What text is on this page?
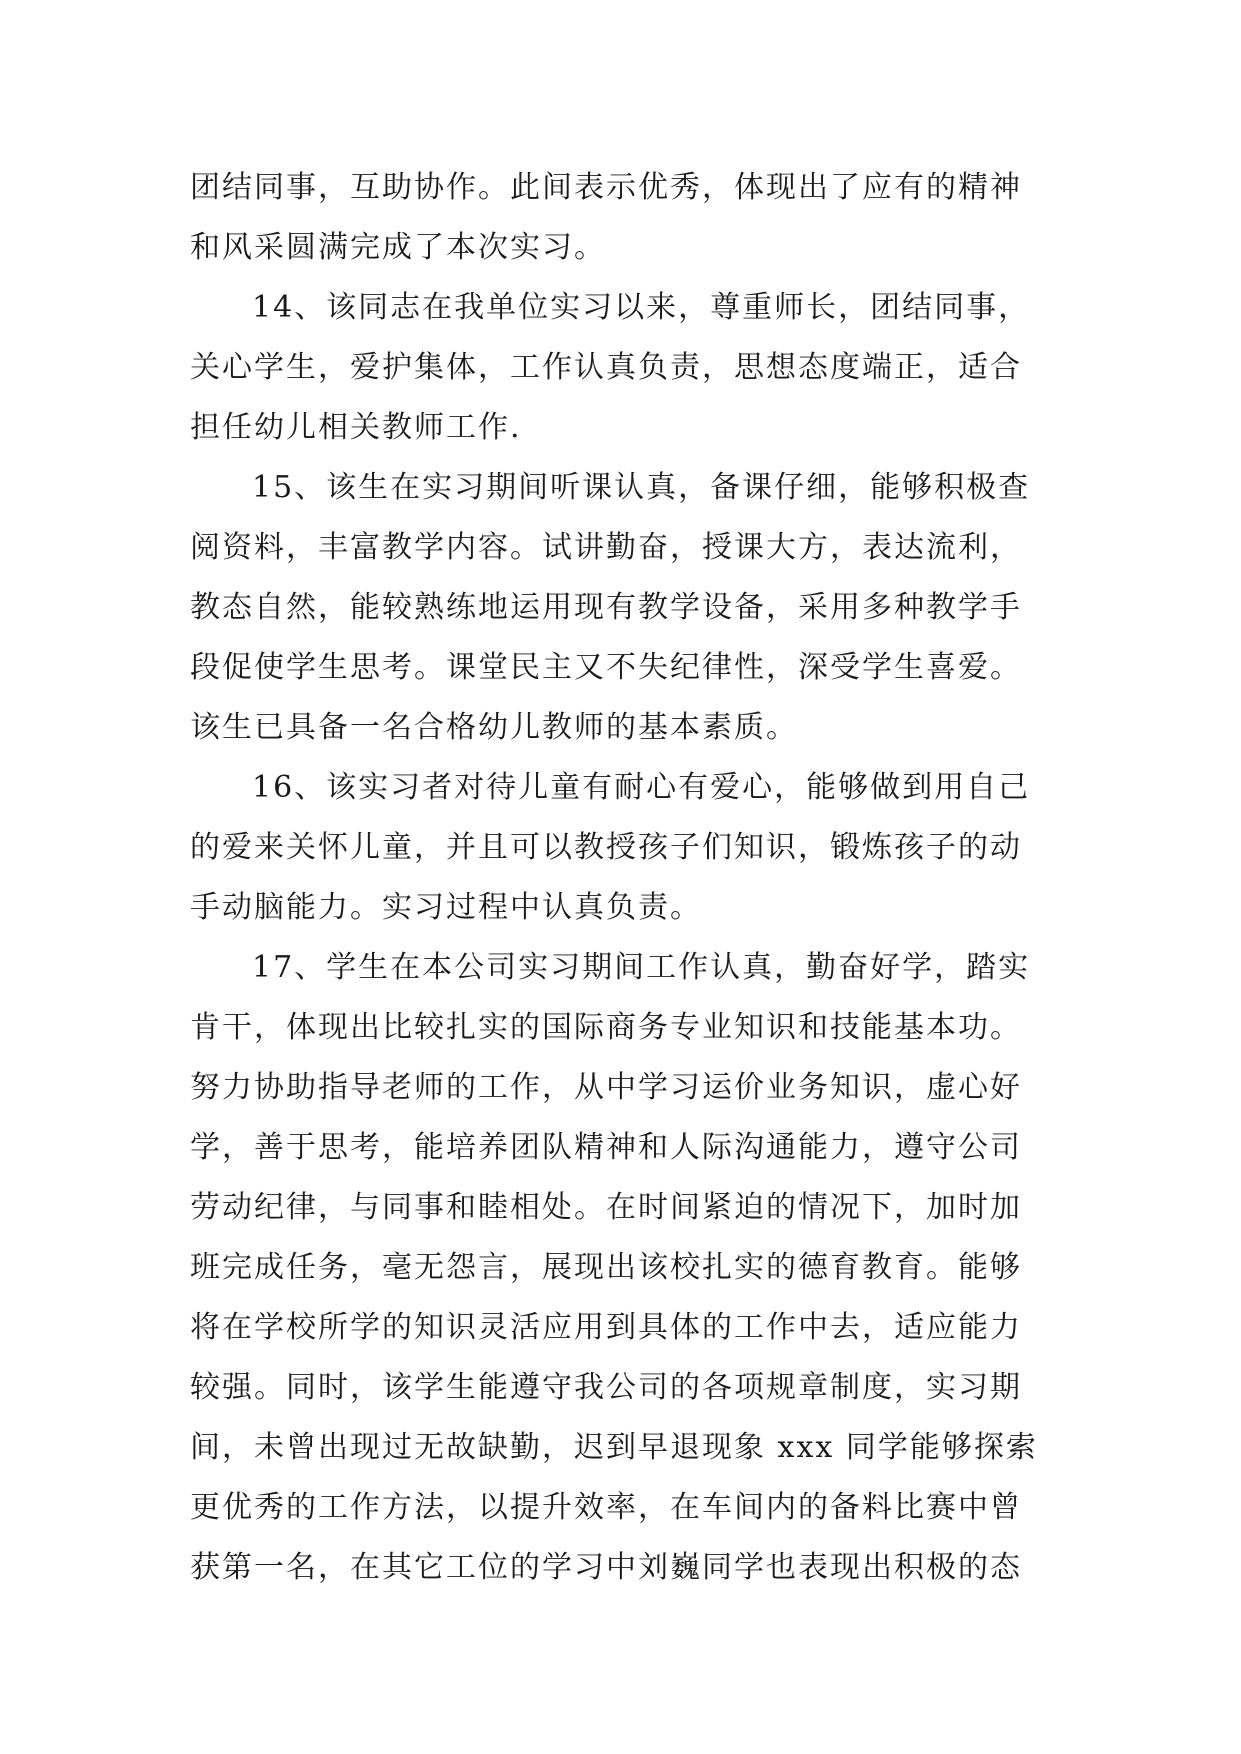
团结同事，互助协作。此间表示优秀，体现出了应有的精神
和风采圆满完成了本次实习。
14、该同志在我单位实习以来，尊重师长，团结同事，
关心学生，爱护集体，工作认真负责，思想态度端正，适合
担任幼儿相关教师工作.
15、该生在实习期间听课认真，备课仔细，能够积极查
阅资料，丰富教学内容。试讲勤奋，授课大方，表达流利，
教态自然，能较熟练地运用现有教学设备，采用多种教学手
段促使学生思考。课堂民主又不失纪律性，深受学生喜爱。
该生已具备一名合格幼儿教师的基本素质。
16、该实习者对待儿童有耐心有爱心，能够做到用自己
的爱来关怀儿童，并且可以教授孩子们知识，锻炼孩子的动
手动脑能力。实习过程中认真负责。
17、学生在本公司实习期间工作认真，勤奋好学，踏实
肯干，体现出比较扎实的国际商务专业知识和技能基本功。
努力协助指导老师的工作，从中学习运价业务知识，虚心好
学，善于思考，能培养团队精神和人际沟通能力，遵守公司
劳动纪律，与同事和睦相处。在时间紧迫的情况下，加时加
班完成任务，毫无怨言，展现出该校扎实的德育教育。能够
将在学校所学的知识灵活应用到具体的工作中去，适应能力
较强。同时，该学生能遵守我公司的各项规章制度，实习期
间，未曾出现过无故缺勤，迟到早退现象 xxx 同学能够探索
更优秀的工作方法，以提升效率，在车间内的备料比赛中曾
获第一名，在其它工位的学习中刘巍同学也表现出积极的态
